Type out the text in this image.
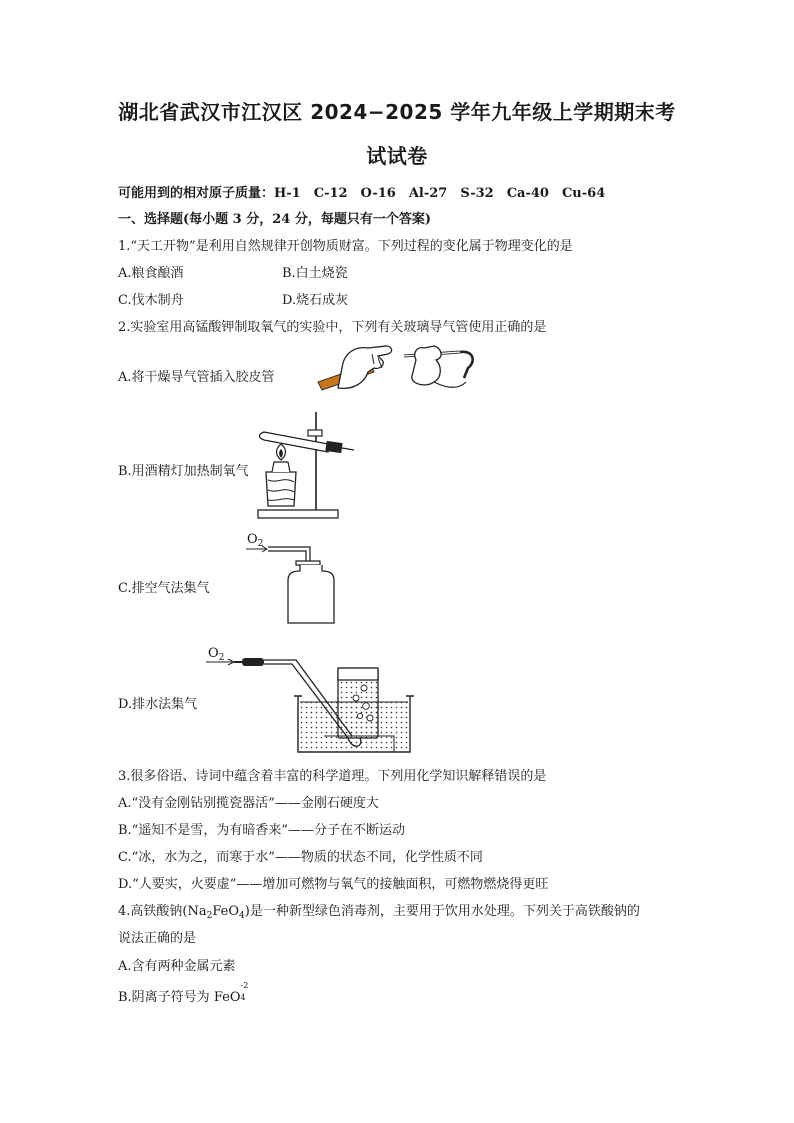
湖北省武汉市江汉区 2024−2025 学年九年级上学期期末考
试试卷
可能用到的相对原子质量：H-1　C-12　O-16　Al-27　S-32　Ca-40　Cu-64
一、选择题(每小题 3 分，24 分，每题只有一个答案)
1.“天工开物”是利用自然规律开创物质财富。下列过程的变化属于物理变化的是
A.粮食酿酒	B.白土烧瓷
C.伐木制舟	D.烧石成灰
2.实验室用高锰酸钾制取氧气的实验中，下列有关玻璃导气管使用正确的是
A.将干燥导气管插入胶皮管
B.用酒精灯加热制氧气
C.排空气法集气
$O_2$
D.排水法集气
$O_2$
3.很多俗语、诗词中蕴含着丰富的科学道理。下列用化学知识解释错误的是
A.“没有金刚钻别揽瓷器活”——金刚石硬度大
B.“遥知不是雪，为有暗香来”——分子在不断运动
C.“冰，水为之，而寒于水”——物质的状态不同，化学性质不同
D.“人要实，火要虚”——增加可燃物与氧气的接触面积，可燃物燃烧得更旺
4.高铁酸钠$(Na_2FeO_4)$是一种新型绿色消毒剂，主要用于饮用水处理。下列关于高铁酸钠的
说法正确的是
A.含有两种金属元素
B.阴离子符号为 FeO
-2
4
